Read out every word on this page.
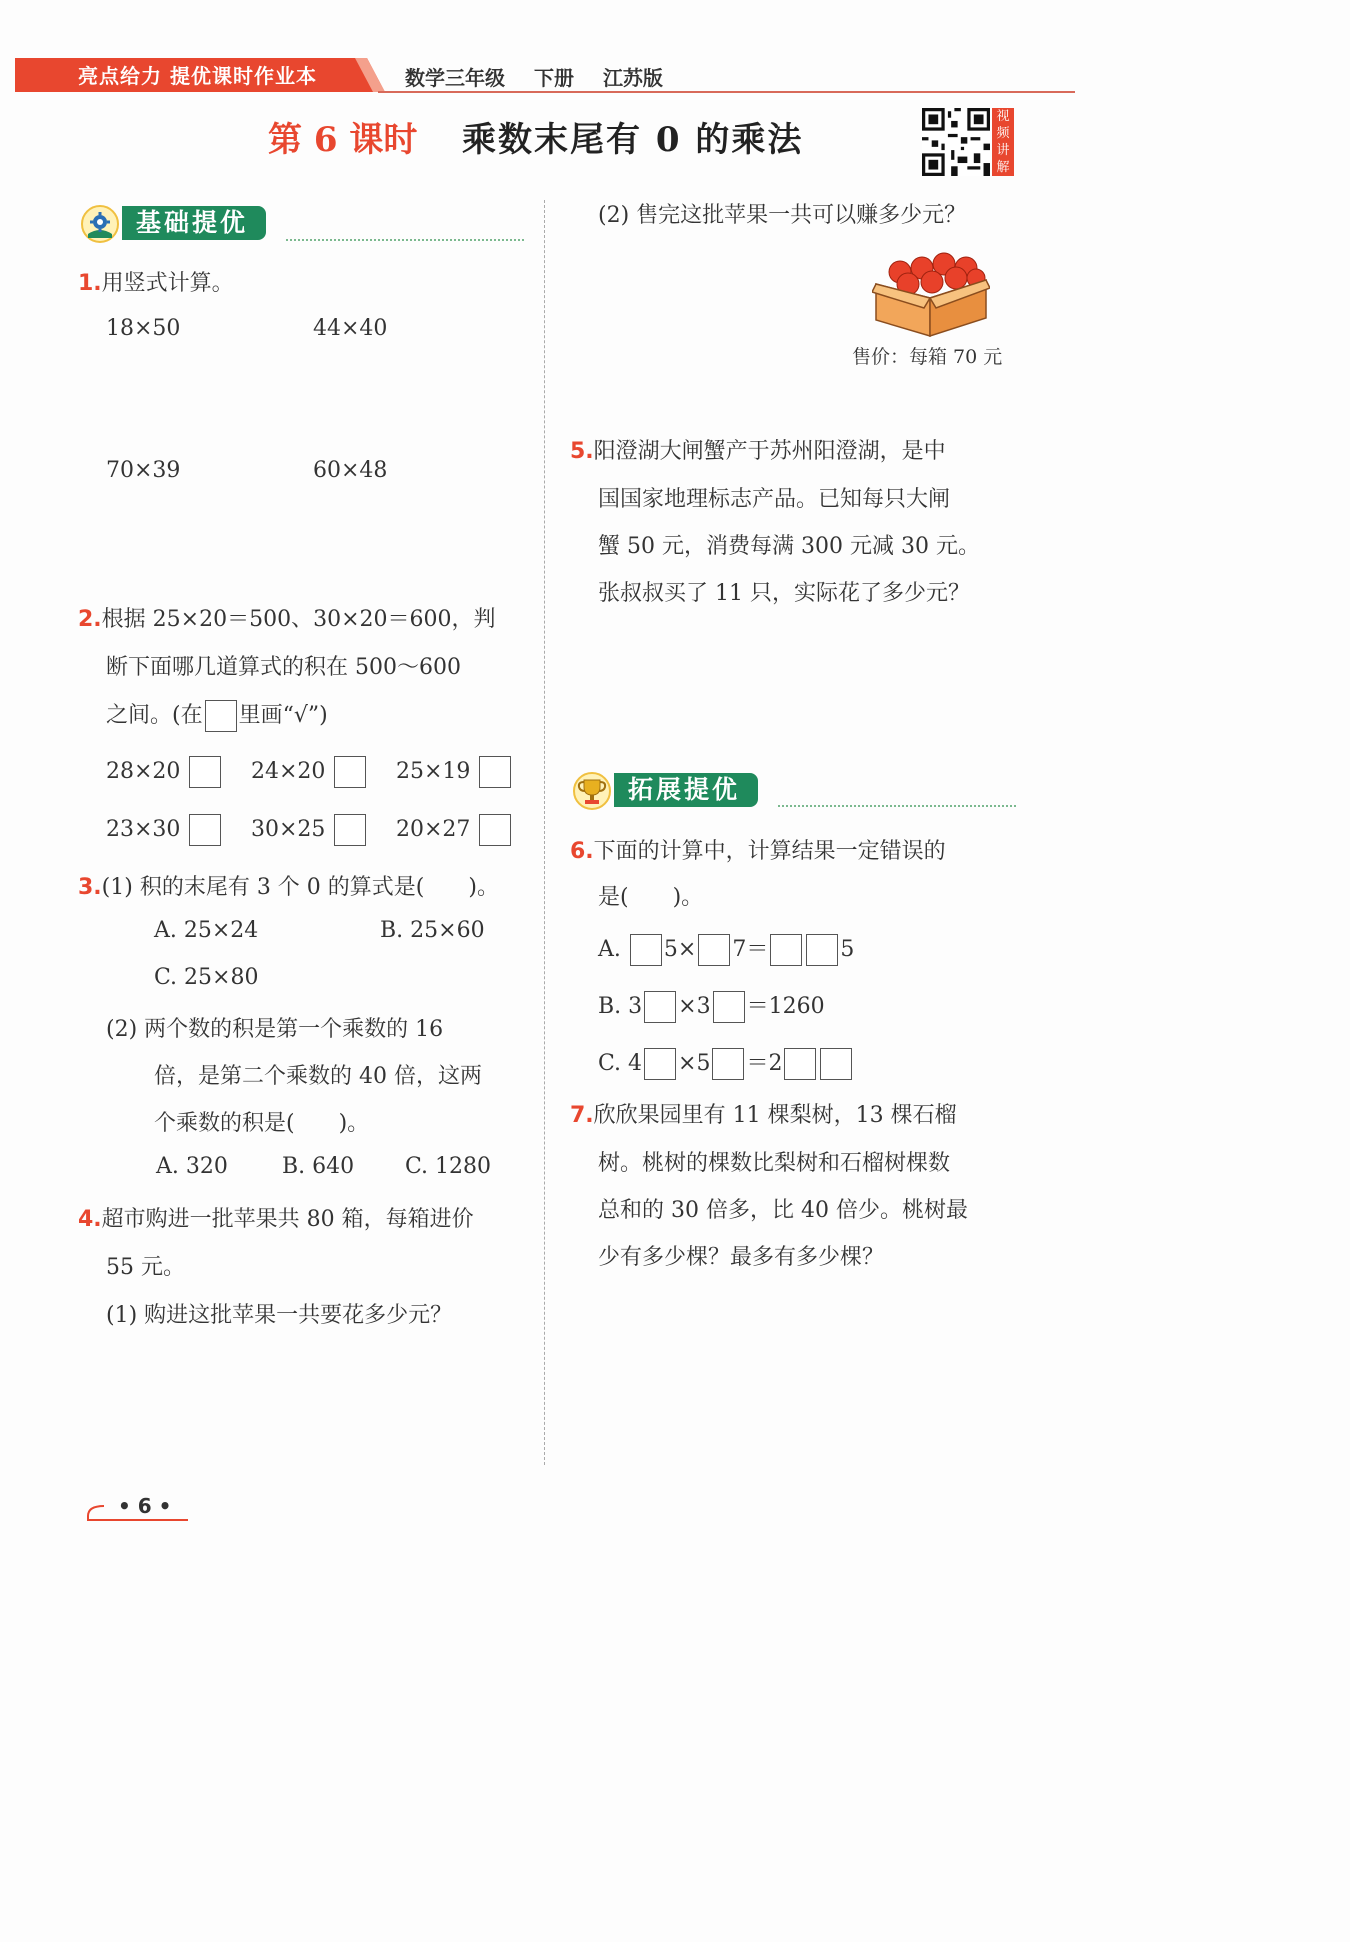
亮点给力 提优课时作业本	数学三年级 下册 江苏版
第 6 课时 乘数末尾有 0 的乘法
视
频
讲
解
基础提优
1.用竖式计算。
18×50	44×40
70×39	60×48
2.根据 25×20＝500、30×20＝600，判
断下面哪几道算式的积在 500～600
之间。(在 里画“√”)
28×20	24×20	25×19
23×30	30×25	20×27
3.(1) 积的末尾有 3 个 0 的算式是(　　)。
A. 25×24	B. 25×60
C. 25×80
(2) 两个数的积是第一个乘数的 16
倍，是第二个乘数的 40 倍，这两
个乘数的积是(　　)。
A. 320 B. 640 C. 1280
4.超市购进一批苹果共 80 箱，每箱进价
55 元。
(1) 购进这批苹果一共要花多少元？
(2) 售完这批苹果一共可以赚多少元？
售价：每箱 70 元
5.阳澄湖大闸蟹产于苏州阳澄湖，是中
国国家地理标志产品。已知每只大闸
蟹 50 元，消费每满 300 元减 30 元。
张叔叔买了 11 只，实际花了多少元？
拓展提优
6.下面的计算中，计算结果一定错误的
是(　　)。
A. 5× 7＝	5
B. 3 ×3 ＝1260
C. 4 ×5 ＝2
7.欣欣果园里有 11 棵梨树，13 棵石榴
树。桃树的棵数比梨树和石榴树棵数
总和的 30 倍多，比 40 倍少。桃树最
少有多少棵？最多有多少棵？
• 6 •
